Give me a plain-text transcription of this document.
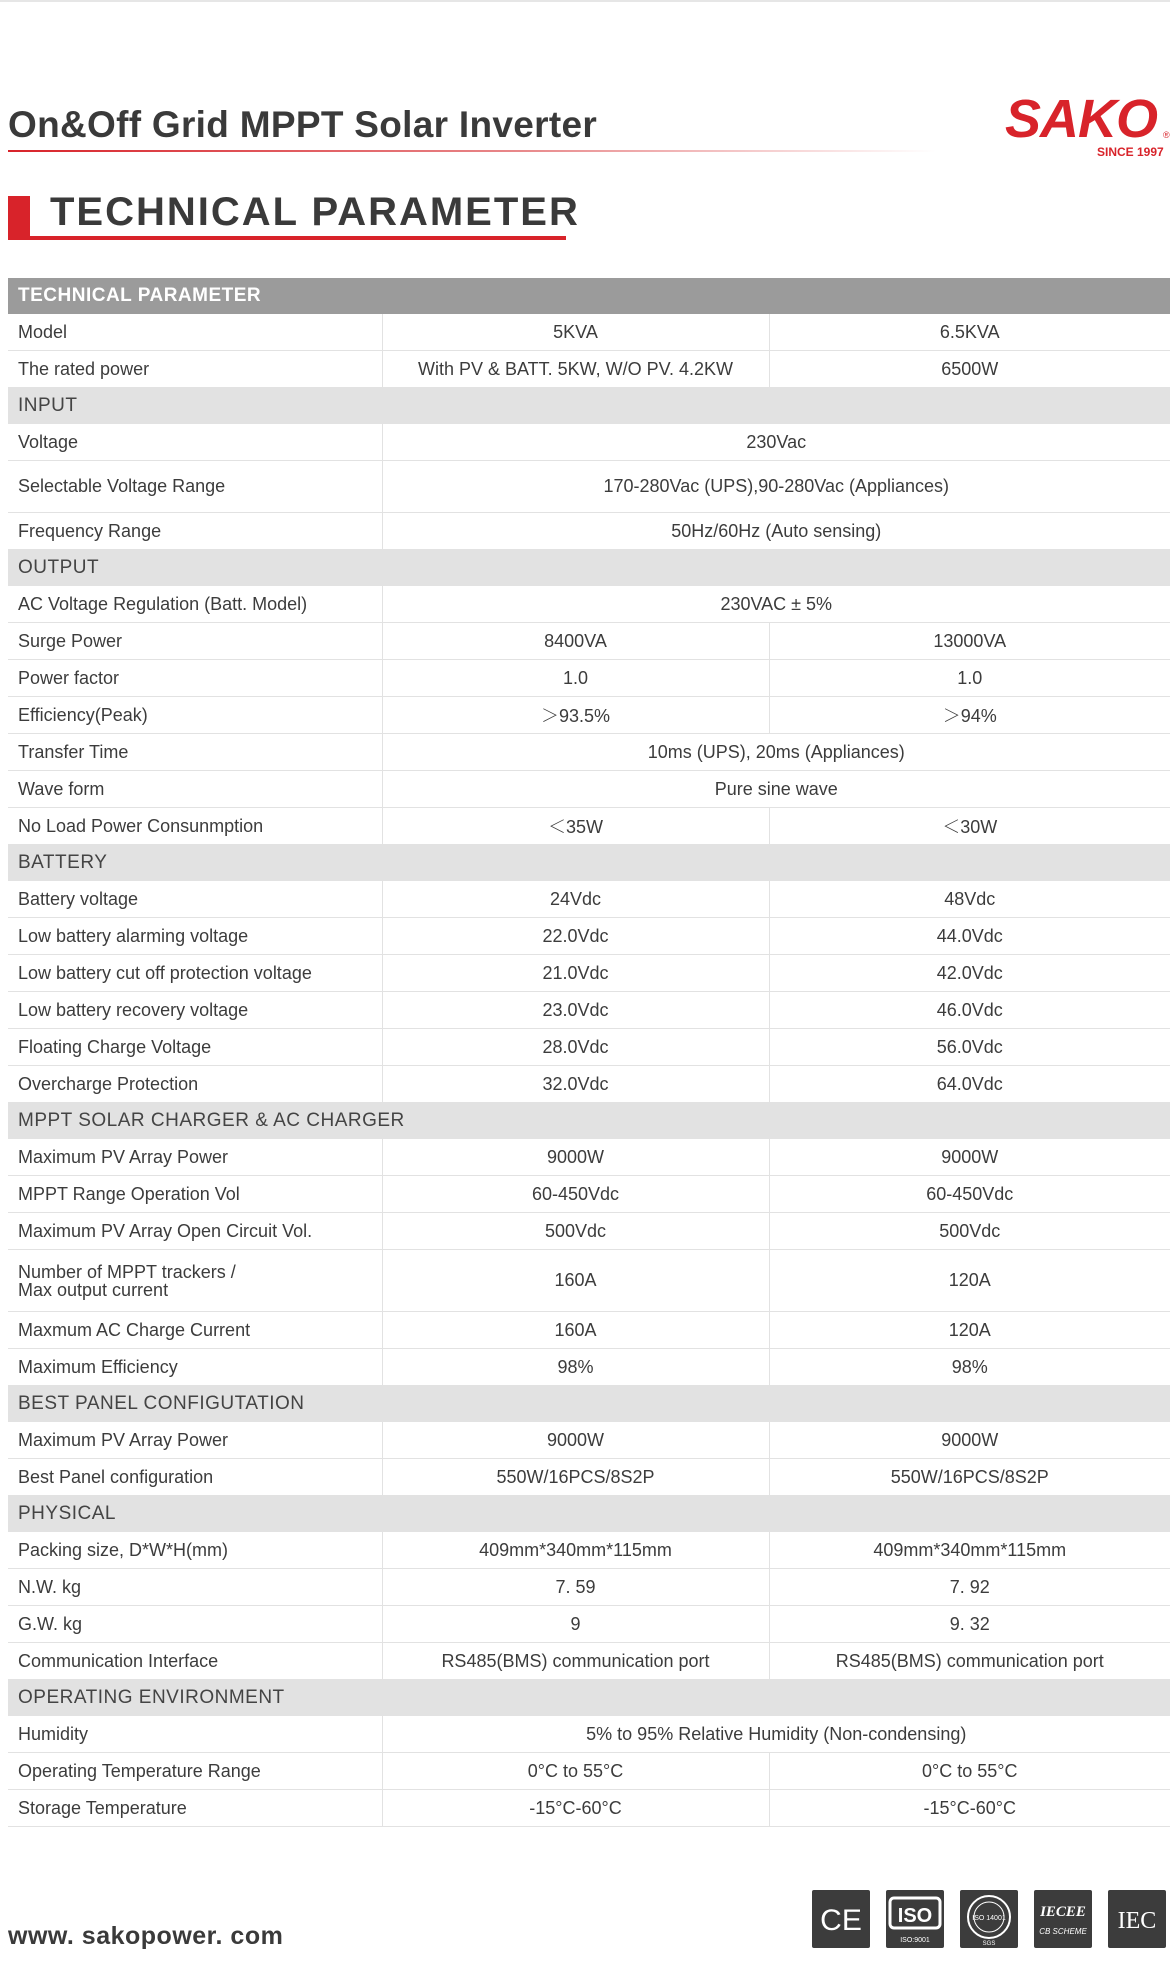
On&Off Grid MPPT Solar Inverter	SAKO ®
SINCE 1997
TECHNICAL PARAMETER
TECHNICAL PARAMETER		
Model	5KVA	6.5KVA
The rated power	With PV & BATT. 5KW, W/O PV. 4.2KW	6500W
INPUT		
Voltage	230Vac	
Selectable Voltage Range	170-280Vac (UPS),90-280Vac (Appliances)	
Frequency Range	50Hz/60Hz (Auto sensing)	
OUTPUT		
AC Voltage Regulation (Batt. Model)	230VAC ± 5%	
Surge Power	8400VA	13000VA
Power factor	1.0	1.0
Efficiency(Peak)	＞93.5%	＞94%
Transfer Time	10ms (UPS), 20ms (Appliances)	
Wave form	Pure sine wave	
No Load Power Consunmption	＜35W	＜30W
BATTERY		
Battery voltage	24Vdc	48Vdc
Low battery alarming voltage	22.0Vdc	44.0Vdc
Low battery cut off protection voltage	21.0Vdc	42.0Vdc
Low battery recovery voltage	23.0Vdc	46.0Vdc
Floating Charge Voltage	28.0Vdc	56.0Vdc
Overcharge Protection	32.0Vdc	64.0Vdc
MPPT SOLAR CHARGER & AC CHARGER		
Maximum PV Array Power	9000W	9000W
MPPT Range Operation Vol	60-450Vdc	60-450Vdc
Maximum PV Array Open Circuit Vol.	500Vdc	500Vdc
Number of MPPT trackers /
Max output current	160A	120A
Maxmum AC Charge Current	160A	120A
Maximum Efficiency	98%	98%
BEST PANEL CONFIGUTATION		
Maximum PV Array Power	9000W	9000W
Best Panel configuration	550W/16PCS/8S2P	550W/16PCS/8S2P
PHYSICAL		
Packing size, D*W*H(mm)	409mm*340mm*115mm	409mm*340mm*115mm
N.W. kg	7. 59	7. 92
G.W. kg	9	9. 32
Communication Interface	RS485(BMS) communication port	RS485(BMS) communication port
OPERATING ENVIRONMENT		
Humidity	5% to 95% Relative Humidity (Non-condensing)	
Operating Temperature Range	0°C to 55°C	0°C to 55°C
Storage Temperature	-15°C-60°C	-15°C-60°C
www. sakopower. com	CE ISO
ISO:9001
ISO 14001
SGS
IECEE
CB SCHEME IEC
